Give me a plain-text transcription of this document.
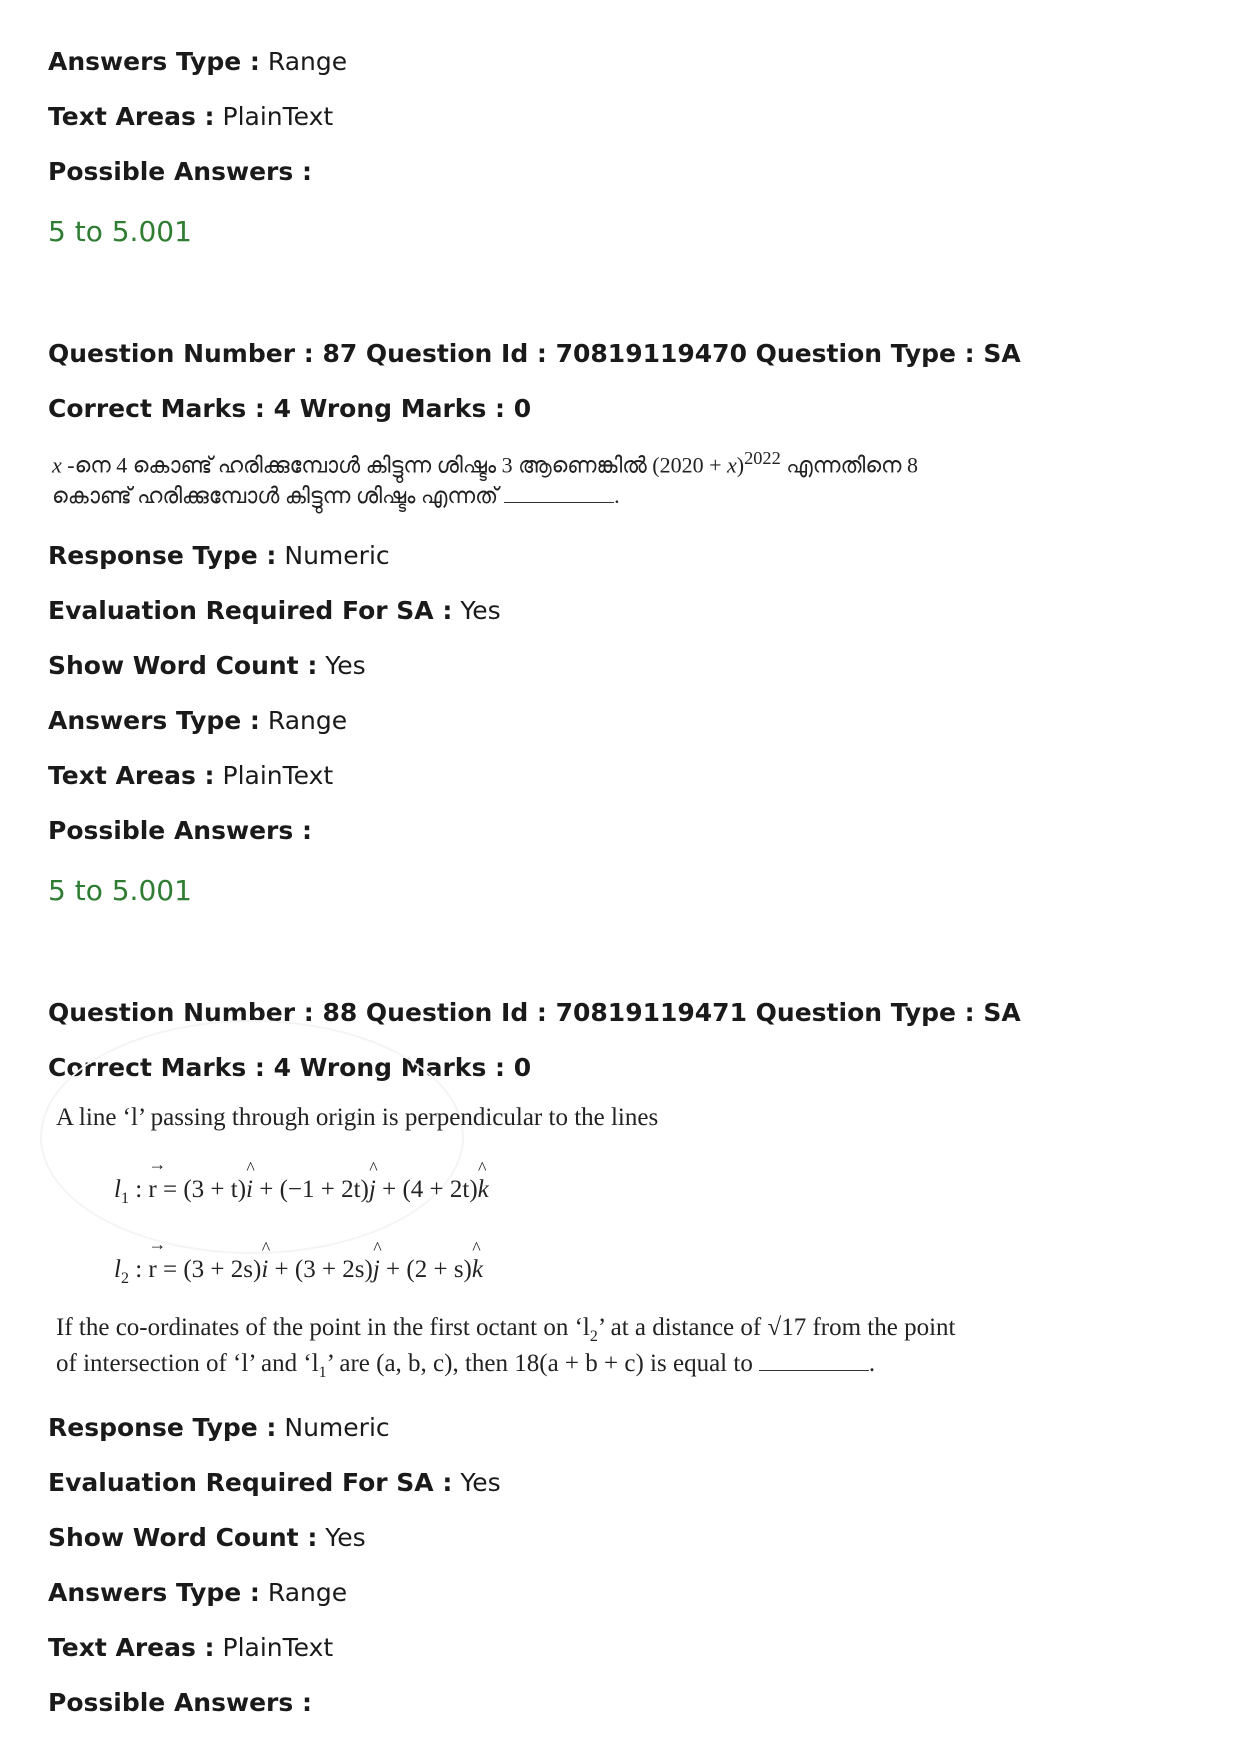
Answers Type : Range
Text Areas : PlainText
Possible Answers :
5 to 5.001
Question Number : 87 Question Id : 70819119470 Question Type : SA
Correct Marks : 4 Wrong Marks : 0
x -നെ 4 കൊണ്ട് ഹരിക്കുമ്പോൾ കിട്ടുന്ന ശിഷ്ടം 3 ആണെങ്കിൽ $(2020 + x)^{2022}$ എന്നതിനെ 8
കൊണ്ട് ഹരിക്കുമ്പോൾ കിട്ടുന്ന ശിഷ്ടം എന്നത്	.
Response Type : Numeric
Evaluation Required For SA : Yes
Show Word Count : Yes
Answers Type : Range
Text Areas : PlainText
Possible Answers :
5 to 5.001
Question Number : 88 Question Id : 70819119471 Question Type : SA
Correct Marks : 4 Wrong Marks : 0
A line ‘l’ passing through origin is perpendicular to the lines
$l_1$ : → r = (3 + t)^ i + (−1 + 2t)^ j + (4 + 2t)^ k
$l_2$ : → r = (3 + 2s)^ i + (3 + 2s)^ j + (2 + s)^ k
If the co-ordinates of the point in the first octant on ‘$l_2$’ at a distance of √17 from the point
of intersection of ‘l’ and ‘$l_1$’ are (a, b, c), then 18(a + b + c) is equal to	.
Response Type : Numeric
Evaluation Required For SA : Yes
Show Word Count : Yes
Answers Type : Range
Text Areas : PlainText
Possible Answers :
